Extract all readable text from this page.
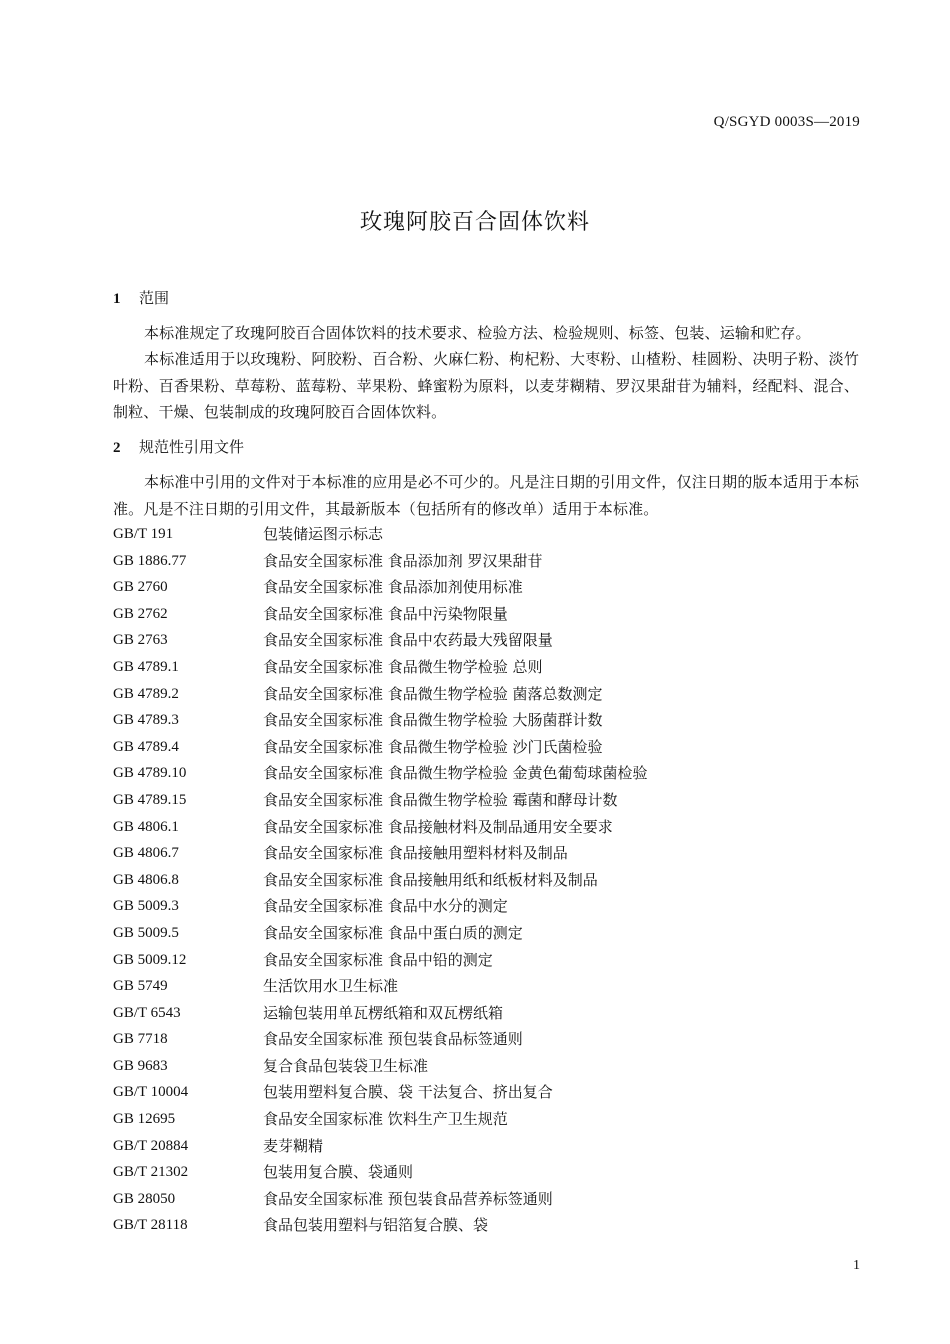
Q/SGYD 0003S—2019
玫瑰阿胶百合固体饮料
1 范围
本标准规定了玫瑰阿胶百合固体饮料的技术要求、检验方法、检验规则、标签、包装、运输和贮存。
本标准适用于以玫瑰粉、阿胶粉、百合粉、火麻仁粉、枸杞粉、大枣粉、山楂粉、桂圆粉、决明子粉、淡竹叶粉、百香果粉、草莓粉、蓝莓粉、苹果粉、蜂蜜粉为原料，以麦芽糊精、罗汉果甜苷为辅料，经配料、混合、制粒、干燥、包装制成的玫瑰阿胶百合固体饮料。
2 规范性引用文件
本标准中引用的文件对于本标准的应用是必不可少的。凡是注日期的引用文件，仅注日期的版本适用于本标准。凡是不注日期的引用文件，其最新版本（包括所有的修改单）适用于本标准。
GB/T 191	包装储运图示标志
GB 1886.77	食品安全国家标准 食品添加剂 罗汉果甜苷
GB 2760	食品安全国家标准 食品添加剂使用标准
GB 2762	食品安全国家标准 食品中污染物限量
GB 2763	食品安全国家标准 食品中农药最大残留限量
GB 4789.1	食品安全国家标准 食品微生物学检验 总则
GB 4789.2	食品安全国家标准 食品微生物学检验 菌落总数测定
GB 4789.3	食品安全国家标准 食品微生物学检验 大肠菌群计数
GB 4789.4	食品安全国家标准 食品微生物学检验 沙门氏菌检验
GB 4789.10	食品安全国家标准 食品微生物学检验 金黄色葡萄球菌检验
GB 4789.15	食品安全国家标准 食品微生物学检验 霉菌和酵母计数
GB 4806.1	食品安全国家标准 食品接触材料及制品通用安全要求
GB 4806.7	食品安全国家标准 食品接触用塑料材料及制品
GB 4806.8	食品安全国家标准 食品接触用纸和纸板材料及制品
GB 5009.3	食品安全国家标准 食品中水分的测定
GB 5009.5	食品安全国家标准 食品中蛋白质的测定
GB 5009.12	食品安全国家标准 食品中铅的测定
GB 5749	生活饮用水卫生标准
GB/T 6543	运输包装用单瓦楞纸箱和双瓦楞纸箱
GB 7718	食品安全国家标准 预包装食品标签通则
GB 9683	复合食品包装袋卫生标准
GB/T 10004	包装用塑料复合膜、袋 干法复合、挤出复合
GB 12695	食品安全国家标准 饮料生产卫生规范
GB/T 20884	麦芽糊精
GB/T 21302	包装用复合膜、袋通则
GB 28050	食品安全国家标准 预包装食品营养标签通则
GB/T 28118	食品包装用塑料与铝箔复合膜、袋
1
